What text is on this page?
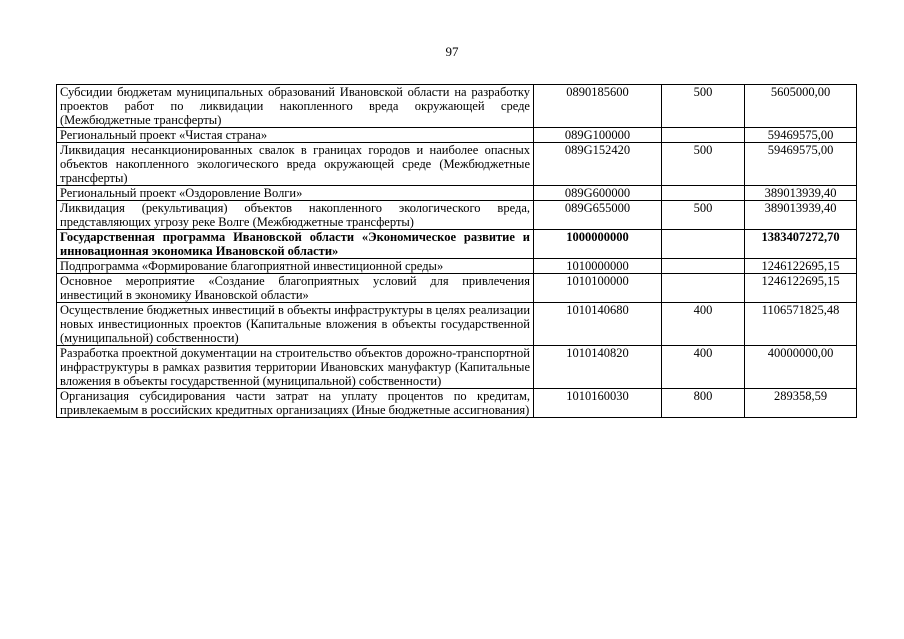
97
Субсидии бюджетам муниципальных образований Ивановской области на разработку проектов работ по ликвидации накопленного вреда окружающей среде (Межбюджетные трансферты)	0890185600	500	5605000,00
Региональный проект «Чистая страна»	089G100000		59469575,00
Ликвидация несанкционированных свалок в границах городов и наиболее опасных объектов накопленного экологического вреда окружающей среде (Межбюджетные трансферты)	089G152420	500	59469575,00
Региональный проект «Оздоровление Волги»	089G600000		389013939,40
Ликвидация (рекультивация) объектов накопленного экологического вреда, представляющих угрозу реке Волге (Межбюджетные трансферты)	089G655000	500	389013939,40
Государственная программа Ивановской области «Экономическое развитие и инновационная экономика Ивановской области»	1000000000		1383407272,70
Подпрограмма «Формирование благоприятной инвестиционной среды»	1010000000		1246122695,15
Основное мероприятие «Создание благоприятных условий для привлечения инвестиций в экономику Ивановской области»	1010100000		1246122695,15
Осуществление бюджетных инвестиций в объекты инфраструктуры в целях реализации новых инвестиционных проектов (Капитальные вложения в объекты государственной (муниципальной) собственности)	1010140680	400	1106571825,48
Разработка проектной документации на строительство объектов дорожно-транспортной инфраструктуры в рамках развития территории Ивановских мануфактур (Капитальные вложения в объекты государственной (муниципальной) собственности)	1010140820	400	40000000,00
Организация субсидирования части затрат на уплату процентов по кредитам, привлекаемым в российских кредитных организациях (Иные бюджетные ассигнования)	1010160030	800	289358,59
